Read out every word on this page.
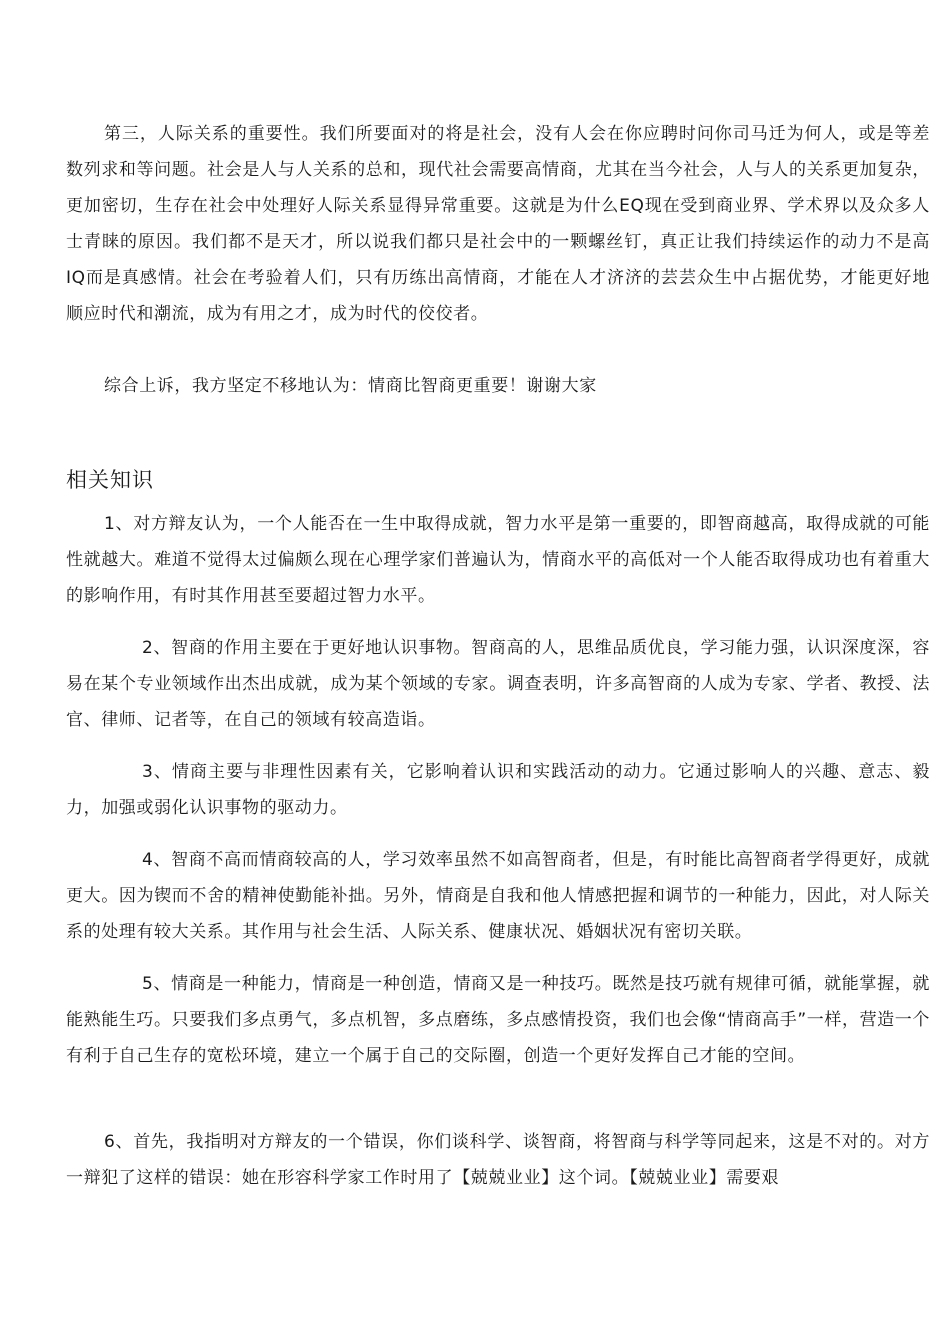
第三，人际关系的重要性。我们所要面对的将是社会，没有人会在你应聘时问你司马迁为何人，或是等差数列求和等问题。社会是人与人关系的总和，现代社会需要高情商，尤其在当今社会，人与人的关系更加复杂，更加密切，生存在社会中处理好人际关系显得异常重要。这就是为什么EQ现在受到商业界、学术界以及众多人士青睐的原因。我们都不是天才，所以说我们都只是社会中的一颗螺丝钉，真正让我们持续运作的动力不是高IQ而是真感情。社会在考验着人们，只有历练出高情商，才能在人才济济的芸芸众生中占据优势，才能更好地顺应时代和潮流，成为有用之才，成为时代的佼佼者。

综合上诉，我方坚定不移地认为：情商比智商更重要！谢谢大家

相关知识

1、对方辩友认为，一个人能否在一生中取得成就，智力水平是第一重要的，即智商越高，取得成就的可能性就越大。难道不觉得太过偏颇么现在心理学家们普遍认为，情商水平的高低对一个人能否取得成功也有着重大的影响作用，有时其作用甚至要超过智力水平。

2、智商的作用主要在于更好地认识事物。智商高的人，思维品质优良，学习能力强，认识深度深，容易在某个专业领域作出杰出成就，成为某个领域的专家。调查表明，许多高智商的人成为专家、学者、教授、法官、律师、记者等，在自己的领域有较高造诣。

3、情商主要与非理性因素有关，它影响着认识和实践活动的动力。它通过影响人的兴趣、意志、毅力，加强或弱化认识事物的驱动力。

4、智商不高而情商较高的人，学习效率虽然不如高智商者，但是，有时能比高智商者学得更好，成就更大。因为锲而不舍的精神使勤能补拙。另外，情商是自我和他人情感把握和调节的一种能力，因此，对人际关系的处理有较大关系。其作用与社会生活、人际关系、健康状况、婚姻状况有密切关联。

5、情商是一种能力，情商是一种创造，情商又是一种技巧。既然是技巧就有规律可循，就能掌握，就能熟能生巧。只要我们多点勇气，多点机智，多点磨练，多点感情投资，我们也会像“情商高手”一样，营造一个有利于自己生存的宽松环境，建立一个属于自己的交际圈，创造一个更好发挥自己才能的空间。

6、首先，我指明对方辩友的一个错误，你们谈科学、谈智商，将智商与科学等同起来，这是不对的。对方一辩犯了这样的错误：她在形容科学家工作时用了【兢兢业业】这个词。【兢兢业业】需要艰
